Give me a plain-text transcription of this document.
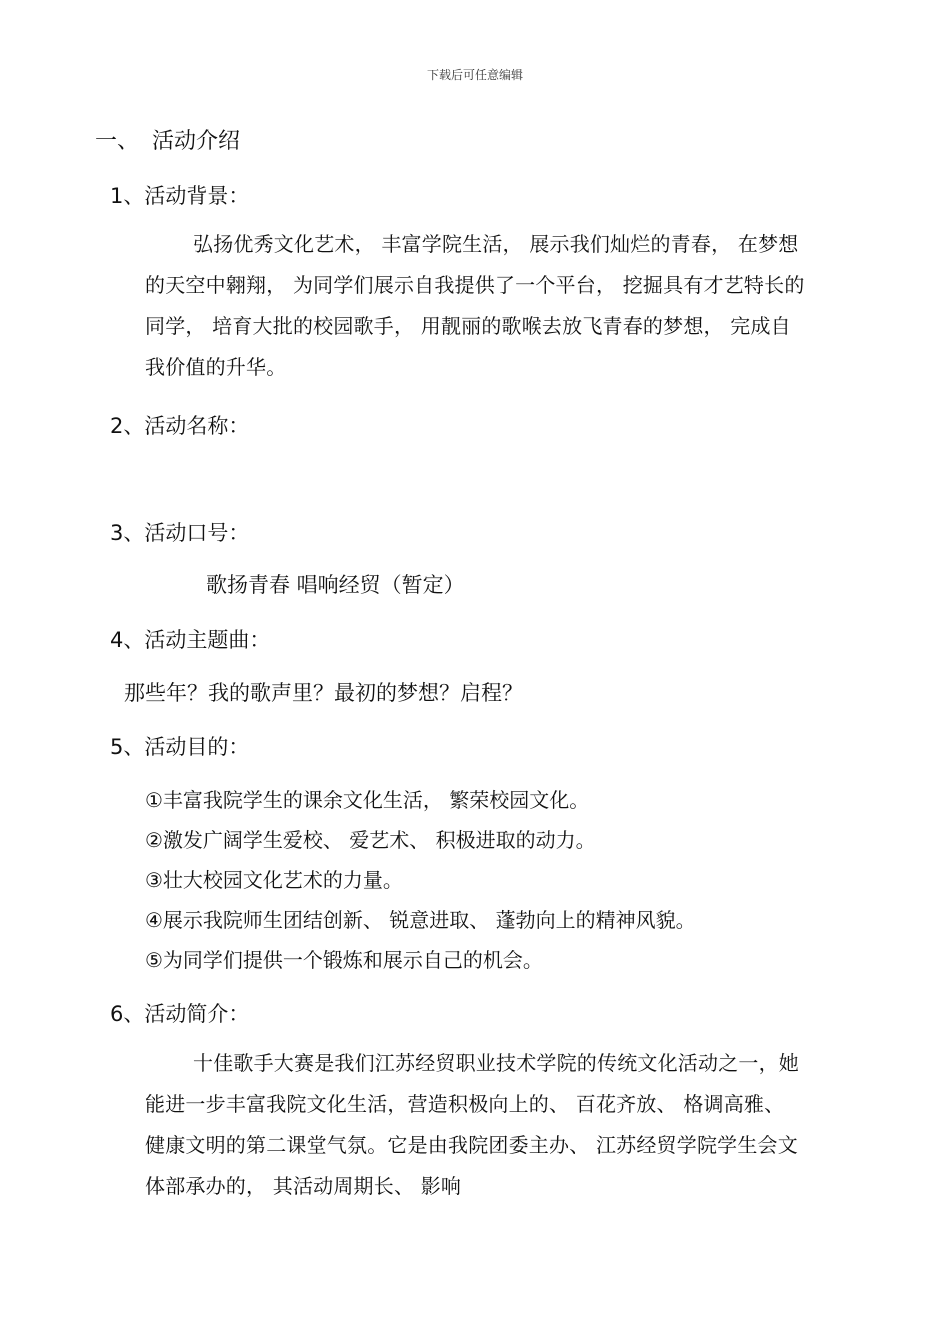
下载后可任意编辑
一、 活动介绍
1、活动背景：
弘扬优秀文化艺术， 丰富学院生活， 展示我们灿烂的青春， 在梦想的天空中翱翔， 为同学们展示自我提供了一个平台， 挖掘具有才艺特长的同学， 培育大批的校园歌手， 用靓丽的歌喉去放飞青春的梦想， 完成自我价值的升华。
2、活动名称：
3、活动口号：
歌扬青春 唱响经贸（暂定）
4、活动主题曲：
那些年？我的歌声里？最初的梦想？启程？
5、活动目的：
①丰富我院学生的课余文化生活， 繁荣校园文化。
②激发广阔学生爱校、 爱艺术、 积极进取的动力。
③壮大校园文化艺术的力量。
④展示我院师生团结创新、 锐意进取、 蓬勃向上的精神风貌。
⑤为同学们提供一个锻炼和展示自己的机会。
6、活动简介：
十佳歌手大赛是我们江苏经贸职业技术学院的传统文化活动之一，她能进一步丰富我院文化生活，营造积极向上的、 百花齐放、 格调高雅、 健康文明的第二课堂气氛。它是由我院团委主办、 江苏经贸学院学生会文体部承办的， 其活动周期长、 影响
